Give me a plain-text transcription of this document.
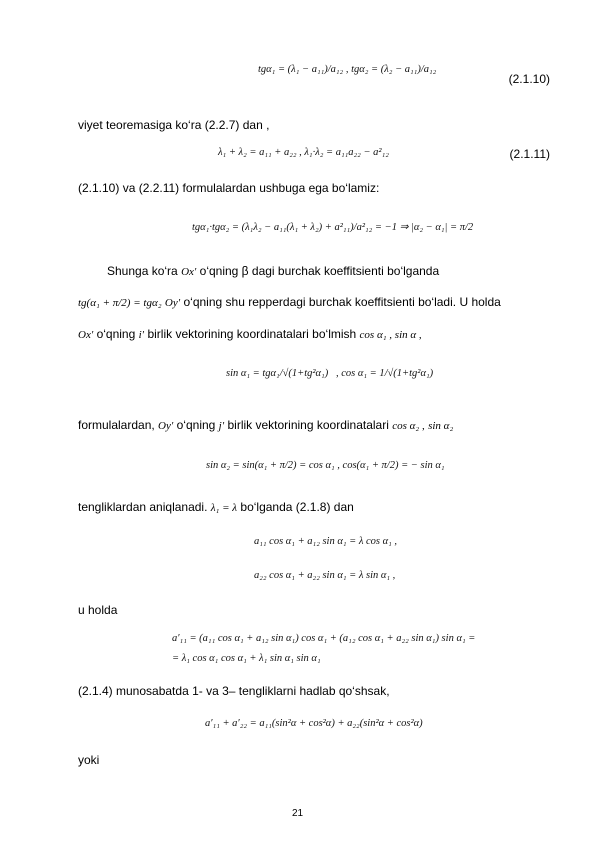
tgα₁ = (λ₁ − a₁₁)/a₁₂ , tgα₂ = (λ₂ − a₁₁)/a₁₂
(2.1.10)
viyet teoremasiga ko‘ra (2.2.7) dan ,
λ₁ + λ₂ = a₁₁ + a₂₂ , λ₁·λ₂ = a₁₁a₂₂ − a²₁₂	(2.1.11)
(2.1.10) va (2.2.11) formulalardan ushbuga ega bo‘lamiz:
tgα₁·tgα₂ = (λ₁λ₂ − a₁₁(λ₁ + λ₂) + a²₁₁)/a²₁₂ = −1 ⇒ |α₂ − α₁| = π/2
Shunga ko‘ra Ox′ o‘qning β dagi burchak koeffitsienti bo‘lganda
tg(α₁ + π/2) = tgα₂ Oy′ o‘qning shu repperdagi burchak koeffitsienti bo‘ladi. U holda
Ox′ o‘qning i′ birlik vektorining koordinatalari bo‘lmish cos α₁ , sin α ,
sin α₁ = tgα₁/√(1+tg²α₁) , cos α₁ = 1/√(1+tg²α₁)
formulalardan, Oy′ o‘qning j′ birlik vektorining koordinatalari cos α₂ , sin α₂
sin α₂ = sin(α₁ + π/2) = cos α₁ , cos(α₁ + π/2) = − sin α₁
tengliklardan aniqlanadi. λ₁ = λ bo‘lganda (2.1.8) dan
a₁₁ cos α₁ + a₁₂ sin α₁ = λ cos α₁ ,
a₂₂ cos α₁ + a₂₂ sin α₁ = λ sin α₁ ,
u holda
a′₁₁ = (a₁₁ cos α₁ + a₁₂ sin α₁) cos α₁ + (a₁₂ cos α₁ + a₂₂ sin α₁) sin α₁ =
= λ₁ cos α₁ cos α₁ + λ₁ sin α₁ sin α₁
(2.1.4) munosabatda 1- va 3– tengliklarni hadlab qo‘shsak,
a′₁₁ + a′₂₂ = a₁₁(sin²α + cos²α) + a₂₂(sin²α + cos²α)
yoki
21
